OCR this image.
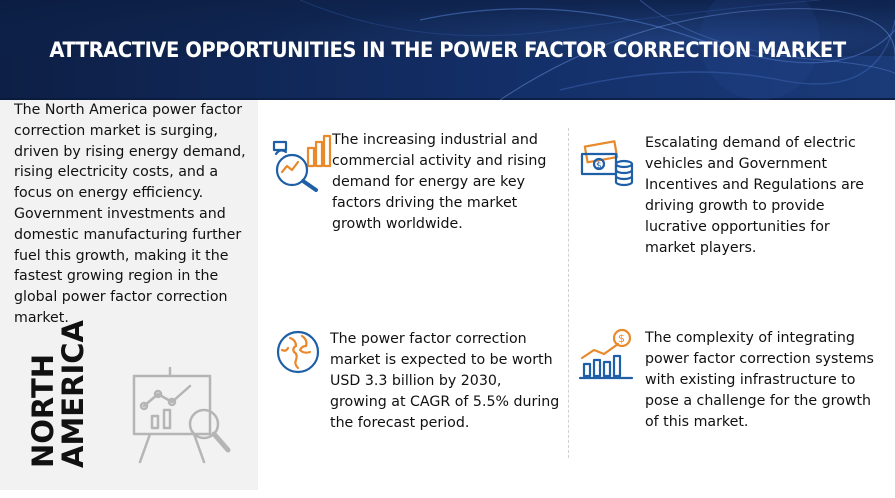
ATTRACTIVE OPPORTUNITIES IN THE POWER FACTOR CORRECTION MARKET
The North America power factor correction market is surging, driven by rising energy demand, rising electricity costs, and a focus on energy efficiency. Government investments and domestic manufacturing further fuel this growth, making it the fastest growing region in the global power factor correction market.
NORTH
AMERICA
The increasing industrial and commercial activity and rising demand for energy are key factors driving the market growth worldwide.
$
Escalating demand of electric vehicles and Government Incentives and Regulations are driving growth to provide lucrative opportunities for market players.
The power factor correction market is expected to be worth USD 3.3 billion by 2030, growing at CAGR of 5.5% during the forecast period.
$ The complexity of integrating power factor correction systems with existing infrastructure to pose a challenge for the growth of this market.
